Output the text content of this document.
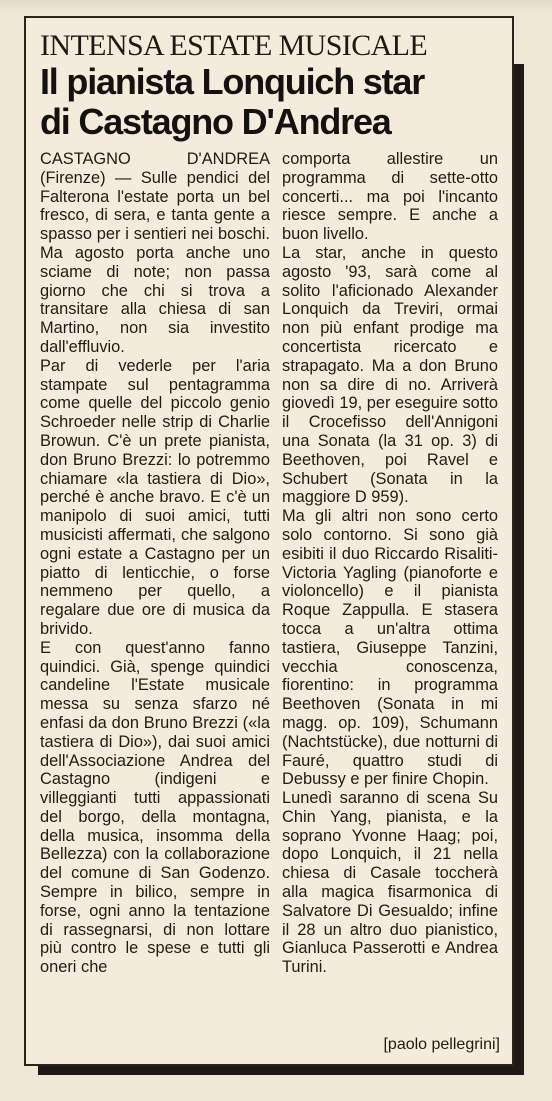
INTENSA ESTATE MUSICALE
Il pianista Lonquich star
di Castagno D'Andrea

CASTAGNO D'ANDREA (Firenze) — Sulle pendici del Falterona l'estate porta un bel fresco, di sera, e tanta gente a spasso per i sentieri nei boschi. Ma agosto porta anche uno sciame di note; non passa giorno che chi si trova a transitare alla chiesa di san Martino, non sia investito dall'effluvio.

Par di vederle per l'aria stampate sul pentagramma come quelle del piccolo genio Schroeder nelle strip di Charlie Browun. C'è un prete pianista, don Bruno Brezzi: lo potremmo chiamare «la tastiera di Dio», perché è anche bravo. E c'è un manipolo di suoi amici, tutti musicisti affermati, che salgono ogni estate a Castagno per un piatto di lenticchie, o forse nemmeno per quello, a regalare due ore di musica da brivido.

E con quest'anno fanno quindici. Già, spenge quindici candeline l'Estate musicale messa su senza sfarzo né enfasi da don Bruno Brezzi («la tastiera di Dio»), dai suoi amici dell'Associazione Andrea del Castagno (indigeni e villeggianti tutti appassionati del borgo, della montagna, della musica, insomma della Bellezza) con la collaborazione del comune di San Godenzo. Sempre in bilico, sempre in forse, ogni anno la tentazione di rassegnarsi, di non lottare più contro le spese e tutti gli oneri che

comporta allestire un programma di sette-otto concerti... ma poi l'incanto riesce sempre. E anche a buon livello.

La star, anche in questo agosto '93, sarà come al solito l'aficionado Alexander Lonquich da Treviri, ormai non più enfant prodige ma concertista ricercato e strapagato. Ma a don Bruno non sa dire di no. Arriverà giovedì 19, per eseguire sotto il Crocefisso dell'Annigoni una Sonata (la 31 op. 3) di Beethoven, poi Ravel e Schubert (Sonata in la maggiore D 959).

Ma gli altri non sono certo solo contorno. Si sono già esibiti il duo Riccardo Risaliti- Victoria Yagling (pianoforte e violoncello) e il pianista Roque Zappulla. E stasera tocca a un'altra ottima tastiera, Giuseppe Tanzini, vecchia conoscenza, fiorentino: in programma Beethoven (Sonata in mi magg. op. 109), Schumann (Nachtstücke), due notturni di Fauré, quattro studi di Debussy e per finire Chopin.

Lunedì saranno di scena Su Chin Yang, pianista, e la soprano Yvonne Haag; poi, dopo Lonquich, il 21 nella chiesa di Casale toccherà alla magica fisarmonica di Salvatore Di Gesualdo; infine il 28 un altro duo pianistico, Gianluca Passerotti e Andrea Turini.

[paolo pellegrini]
